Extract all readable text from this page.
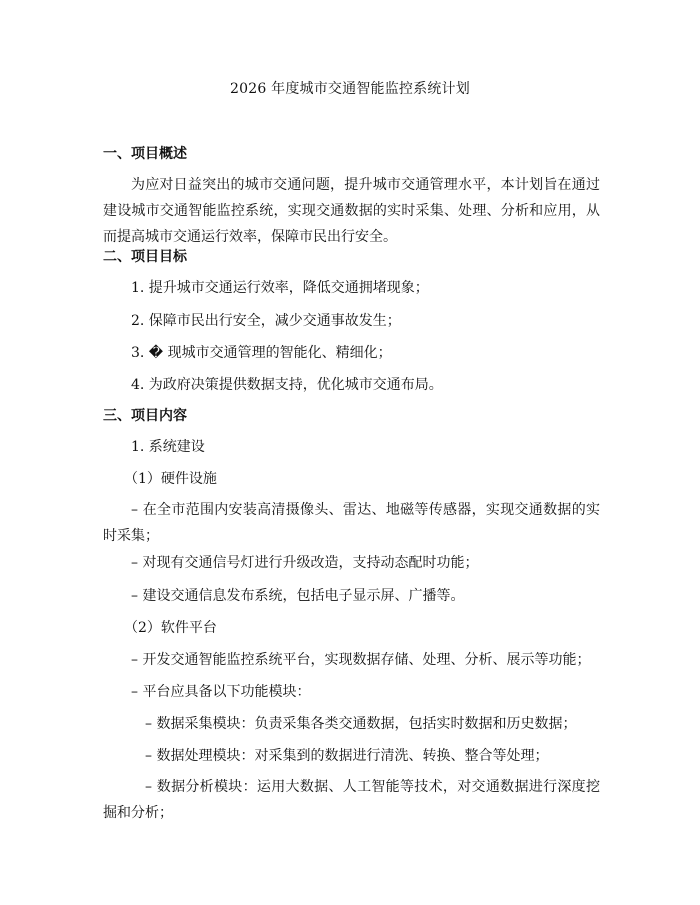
2026 年度城市交通智能监控系统计划
一、项目概述
为应对日益突出的城市交通问题，提升城市交通管理水平，本计划旨在通过建设城市交通智能监控系统，实现交通数据的实时采集、处理、分析和应用，从而提高城市交通运行效率，保障市民出行安全。
二、项目目标
1. 提升城市交通运行效率，降低交通拥堵现象；
2. 保障市民出行安全，减少交通事故发生；
3. � 现城市交通管理的智能化、精细化；
4. 为政府决策提供数据支持，优化城市交通布局。
三、项目内容
1. 系统建设
（1）硬件设施
– 在全市范围内安装高清摄像头、雷达、地磁等传感器，实现交通数据的实时采集；
– 对现有交通信号灯进行升级改造，支持动态配时功能；
– 建设交通信息发布系统，包括电子显示屏、广播等。
（2）软件平台
– 开发交通智能监控系统平台，实现数据存储、处理、分析、展示等功能；
– 平台应具备以下功能模块：
– 数据采集模块：负责采集各类交通数据，包括实时数据和历史数据；
– 数据处理模块：对采集到的数据进行清洗、转换、整合等处理；
– 数据分析模块：运用大数据、人工智能等技术，对交通数据进行深度挖掘和分析；
